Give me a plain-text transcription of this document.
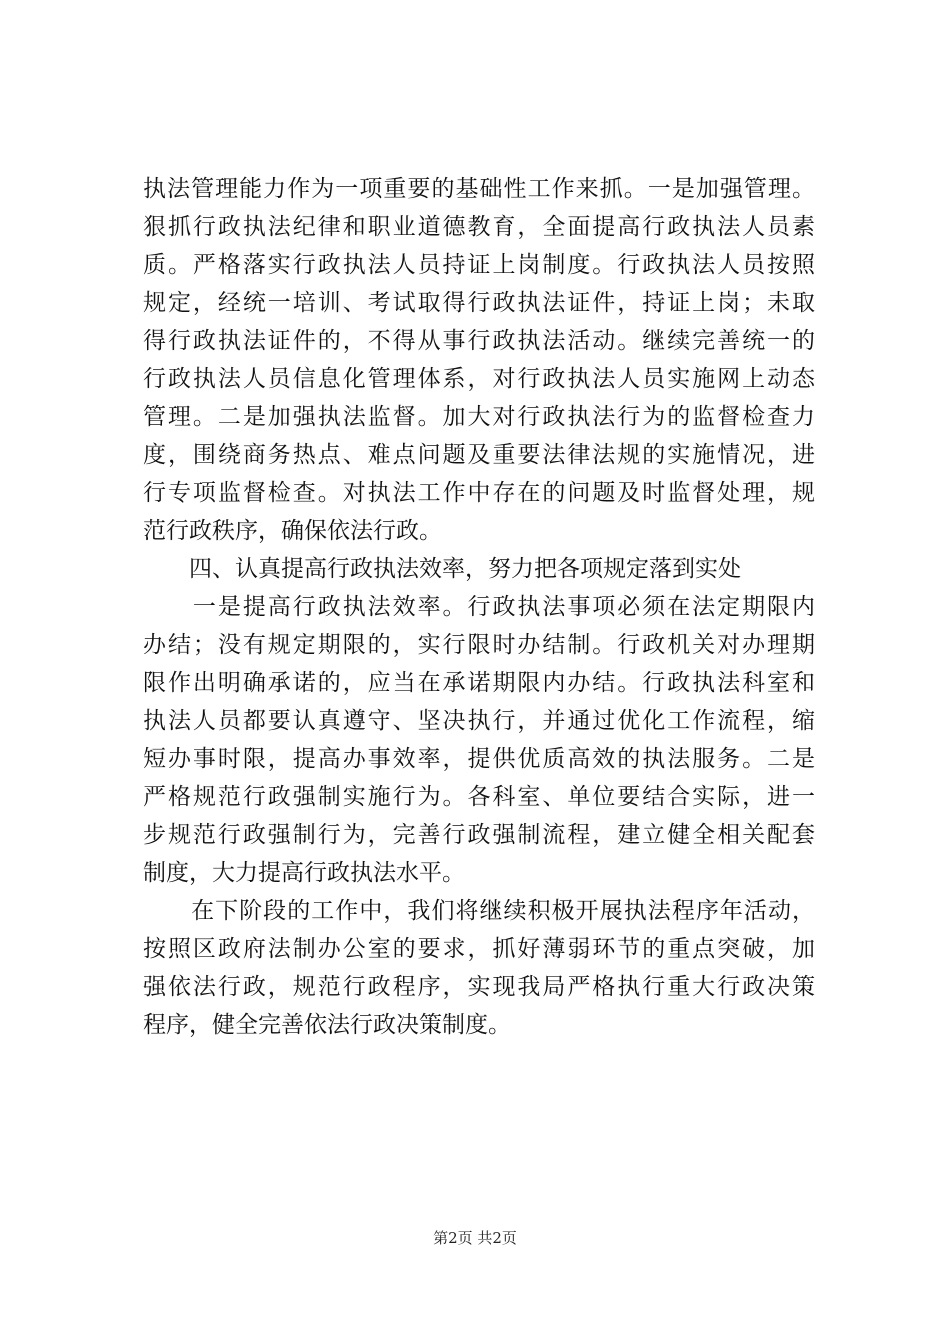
执法管理能力作为一项重要的基础性工作来抓。一是加强管理。
狠抓行政执法纪律和职业道德教育，全面提高行政执法人员素
质。严格落实行政执法人员持证上岗制度。行政执法人员按照
规定，经统一培训、考试取得行政执法证件，持证上岗；未取
得行政执法证件的，不得从事行政执法活动。继续完善统一的
行政执法人员信息化管理体系，对行政执法人员实施网上动态
管理。二是加强执法监督。加大对行政执法行为的监督检查力
度，围绕商务热点、难点问题及重要法律法规的实施情况，进
行专项监督检查。对执法工作中存在的问题及时监督处理，规
范行政秩序，确保依法行政。
　　四、认真提高行政执法效率，努力把各项规定落到实处
　　一是提高行政执法效率。行政执法事项必须在法定期限内
办结；没有规定期限的，实行限时办结制。行政机关对办理期
限作出明确承诺的，应当在承诺期限内办结。行政执法科室和
执法人员都要认真遵守、坚决执行，并通过优化工作流程，缩
短办事时限，提高办事效率，提供优质高效的执法服务。二是
严格规范行政强制实施行为。各科室、单位要结合实际，进一
步规范行政强制行为，完善行政强制流程，建立健全相关配套
制度，大力提高行政执法水平。
　　在下阶段的工作中，我们将继续积极开展执法程序年活动，
按照区政府法制办公室的要求，抓好薄弱环节的重点突破，加
强依法行政，规范行政程序，实现我局严格执行重大行政决策
程序，健全完善依法行政决策制度。
第2页 共2页
